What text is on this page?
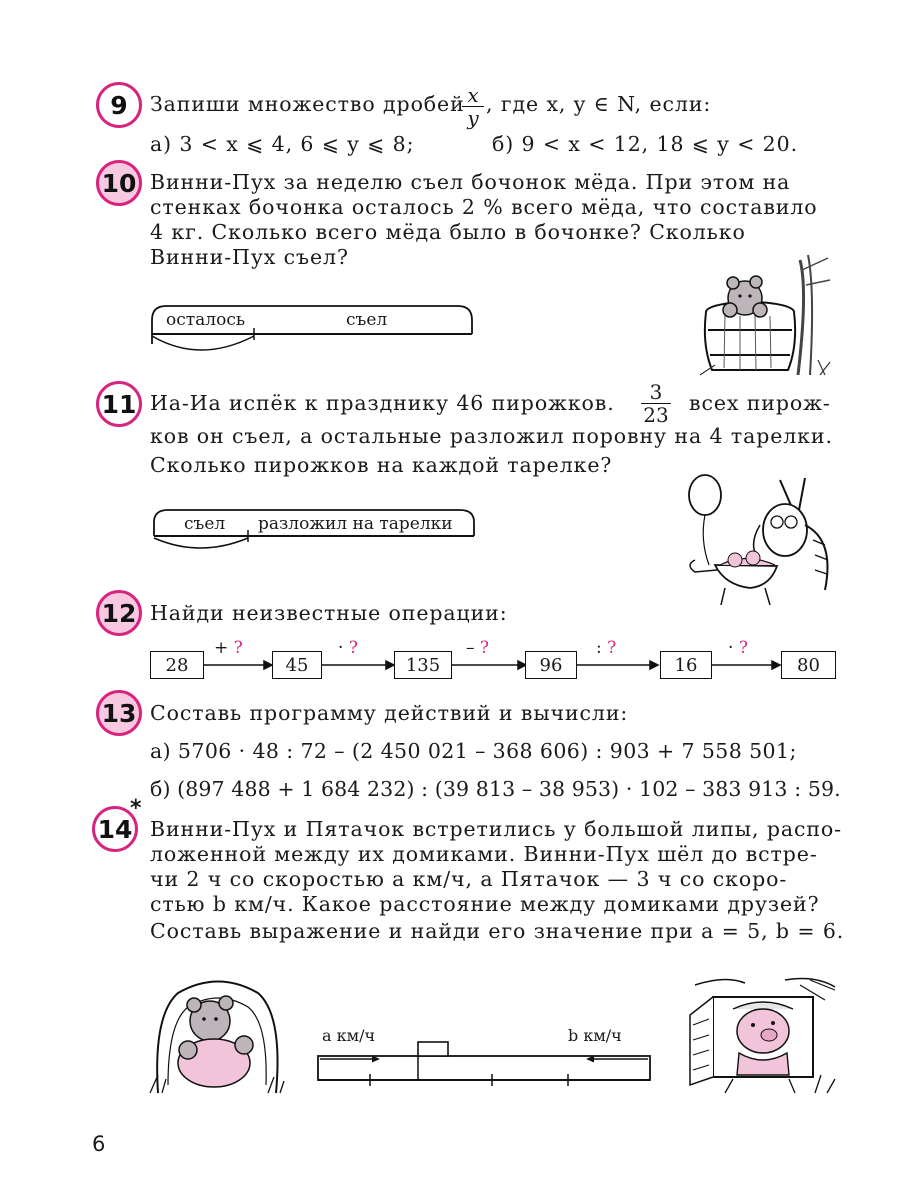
9	Запиши множество дробей
$\frac{x}{y}$ , где x, y ∈ N, если:
а) 3 < x ⩽ 4, 6 ⩽ y ⩽ 8;	б) 9 < x < 12, 18 ⩽ y < 20.
10 Винни-Пух за неделю съел бочонок мёда. При этом на
стенках бочонка осталось 2 % всего мёда, что составило
4 кг. Сколько всего мёда было в бочонке? Сколько
Винни-Пух съел?
осталось	съел
11 Иа-Иа испёк к празднику 46 пирожков. $\frac{3}{23}$ всех пирож-
ков он съел, а остальные разложил поровну на 4 тарелки.
Сколько пирожков на каждой тарелке?
съел разложил на тарелки
12 Найди неизвестные операции:
28	45	135	96	16	80
+ ?	· ?	– ?	: ?	· ?
13 Составь программу действий и вычисли:
а) 5706 · 48 : 72 – (2 450 021 – 368 606) : 903 + 7 558 501;
б) (897 488 + 1 684 232) : (39 813 – 38 953) · 102 – 383 913 : 59.
14
*
Винни-Пух и Пятачок встретились у большой липы, распо-
ложенной между их домиками. Винни-Пух шёл до встре-
чи 2 ч со скоростью a км/ч, а Пятачок — 3 ч со скоро-
стью b км/ч. Какое расстояние между домиками друзей?
Составь выражение и найди его значение при a = 5, b = 6.
a км/ч	b км/ч
6
